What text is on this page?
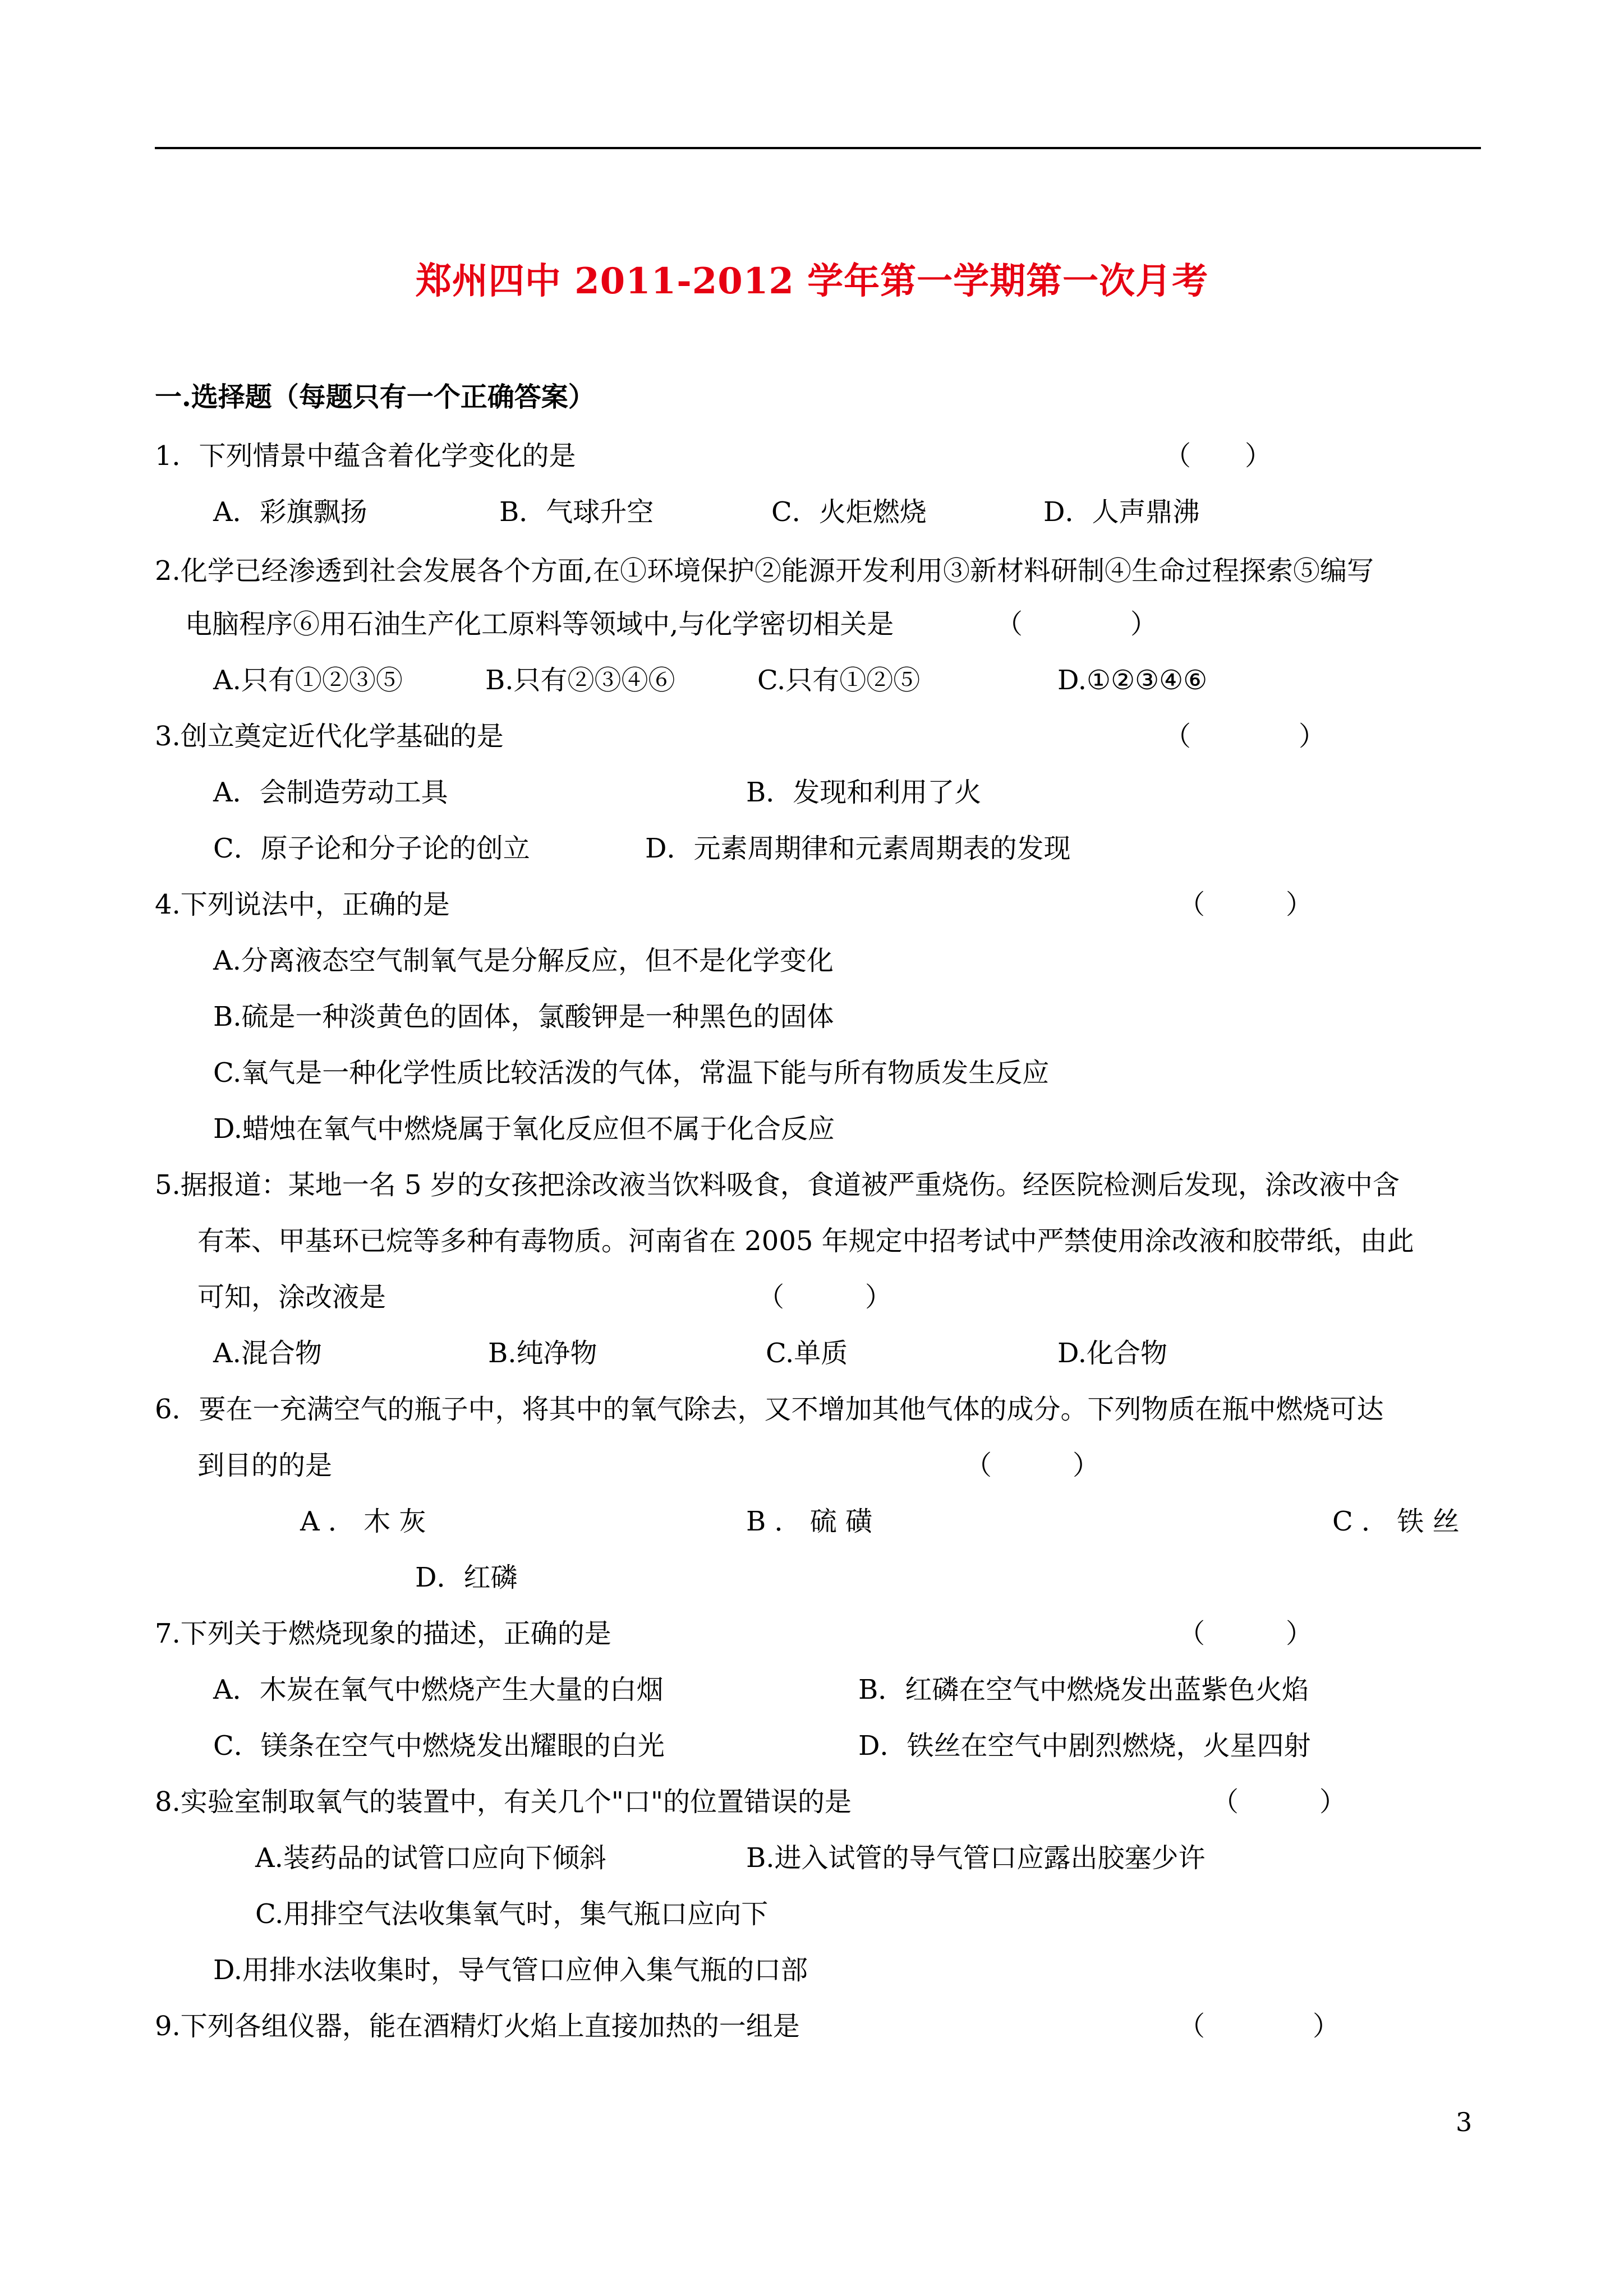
郑州四中 2011-2012 学年第一学期第一次月考
一.选择题（每题只有一个正确答案）
1．下列情景中蕴含着化学变化的是	（　　）
A．彩旗飘扬	B．气球升空	C．火炬燃烧	D．人声鼎沸
2.化学已经渗透到社会发展各个方面,在①环境保护②能源开发利用③新材料研制④生命过程探索⑤编写
电脑程序⑥用石油生产化工原料等领域中,与化学密切相关是	（　　　　）
A.只有①②③⑤	B.只有②③④⑥	C.只有①②⑤	D.①②③④⑥
3.创立奠定近代化学基础的是	（　　　　）
A．会制造劳动工具	B．发现和利用了火
C．原子论和分子论的创立	D．元素周期律和元素周期表的发现
4.下列说法中，正确的是	（　　　）
A.分离液态空气制氧气是分解反应，但不是化学变化
B.硫是一种淡黄色的固体，氯酸钾是一种黑色的固体
C.氧气是一种化学性质比较活泼的气体，常温下能与所有物质发生反应
D.蜡烛在氧气中燃烧属于氧化反应但不属于化合反应
5.据报道：某地一名 5 岁的女孩把涂改液当饮料吸食，食道被严重烧伤。经医院检测后发现，涂改液中含
有苯、甲基环已烷等多种有毒物质。河南省在 2005 年规定中招考试中严禁使用涂改液和胶带纸，由此
可知，涂改液是	（　　　）
A.混合物	B.纯净物	C.单质	D.化合物
6．要在一充满空气的瓶子中，将其中的氧气除去，又不增加其他气体的成分。下列物质在瓶中燃烧可达
到目的的是	（　　　）
A ． 木 灰	B ． 硫 磺	C ． 铁 丝
D．红磷
7.下列关于燃烧现象的描述，正确的是	（　　　）
A．木炭在氧气中燃烧产生大量的白烟	B．红磷在空气中燃烧发出蓝紫色火焰
C．镁条在空气中燃烧发出耀眼的白光	D．铁丝在空气中剧烈燃烧，火星四射
8.实验室制取氧气的装置中，有关几个"口"的位置错误的是	（　　　）
A.装药品的试管口应向下倾斜	B.进入试管的导气管口应露出胶塞少许
C.用排空气法收集氧气时，集气瓶口应向下
D.用排水法收集时，导气管口应伸入集气瓶的口部
9.下列各组仪器，能在酒精灯火焰上直接加热的一组是	（　　　　）
3
